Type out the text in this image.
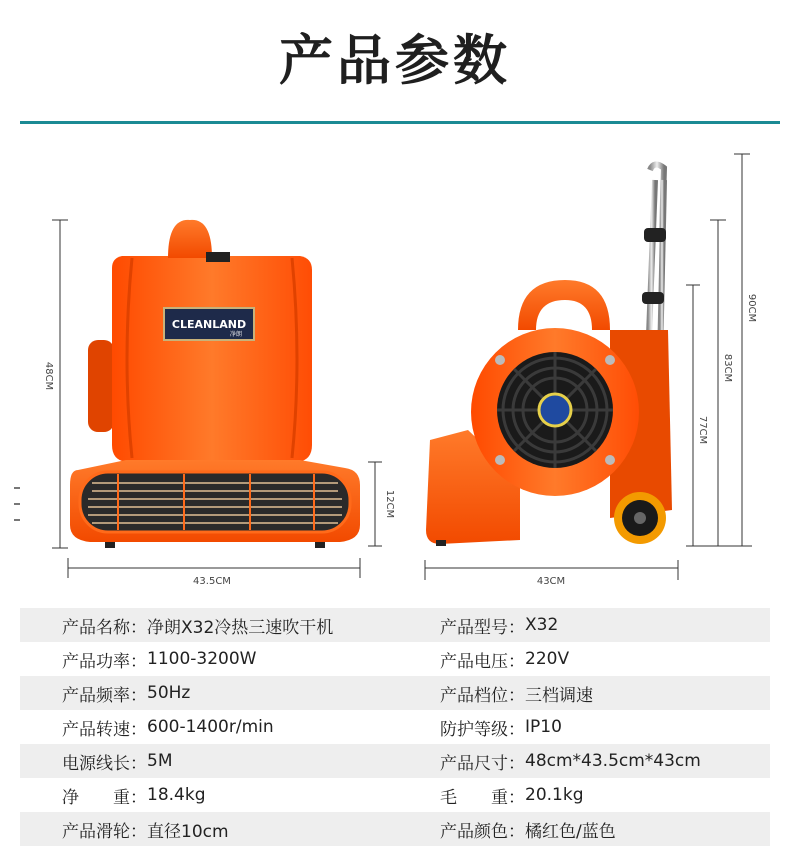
产品参数
CLEANLAND
净朗
48CM
43.5CM
12CM
43CM
77CM
83CM
90CM
产品名称： 净朗X32冷热三速吹干机	产品型号： X32
产品功率： 1100-3200W	产品电压： 220V
产品频率： 50Hz	产品档位： 三档调速
产品转速： 600-1400r/min	防护等级： IP10
电源线长： 5M	产品尺寸： 48cm*43.5cm*43cm
净　　重： 18.4kg	毛　　重： 20.1kg
产品滑轮： 直径10cm	产品颜色： 橘红色/蓝色
